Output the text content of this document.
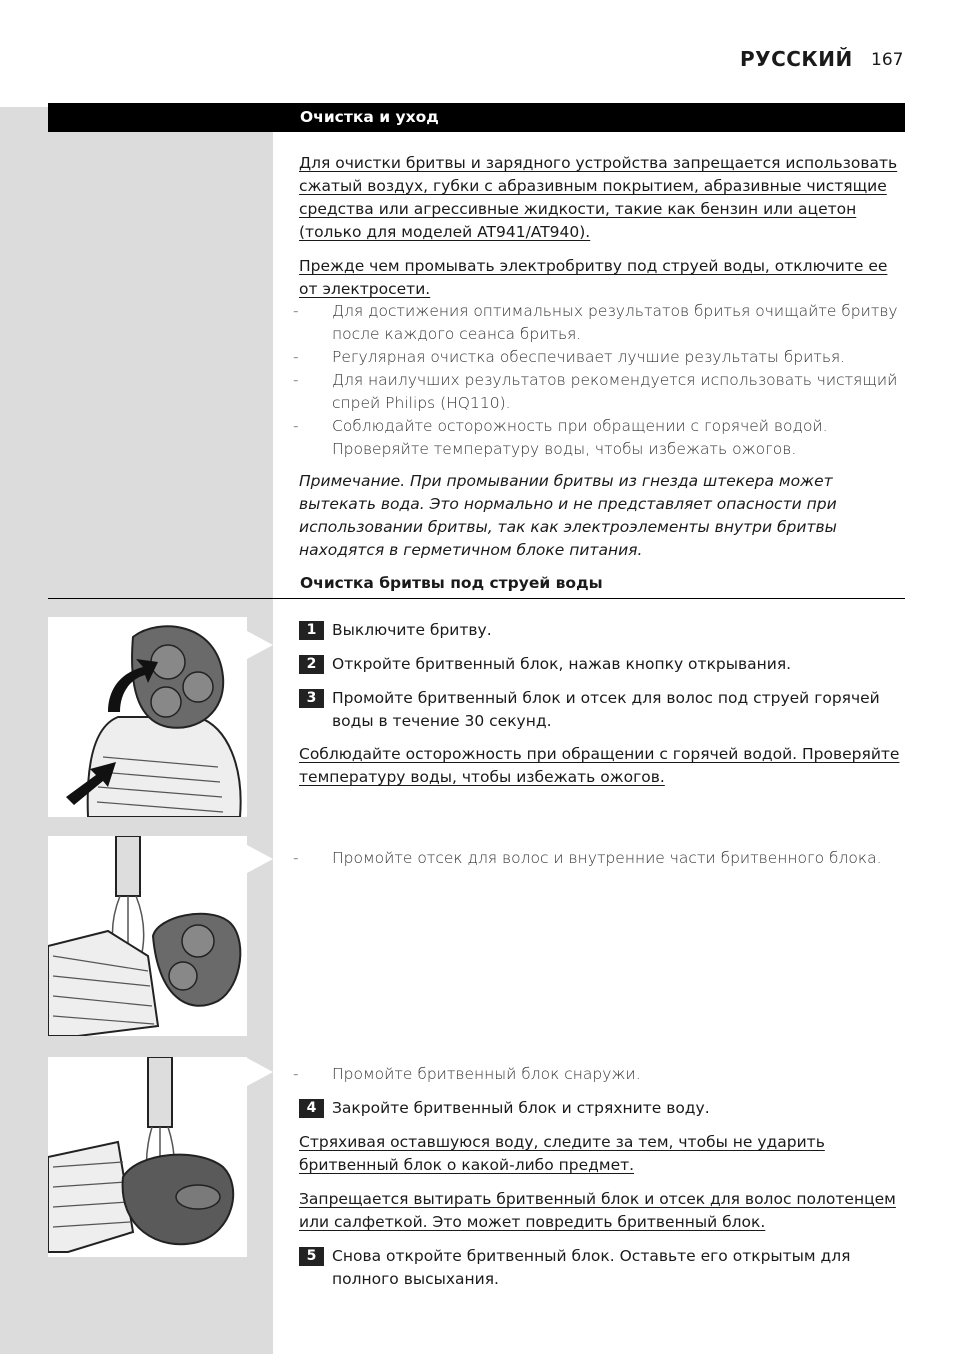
РУССКИЙ 167
Очистка и уход
Для очистки бритвы и зарядного устройства запрещается использовать сжатый воздух, губки с абразивным покрытием, абразивные чистящие средства или агрессивные жидкости, такие как бензин или ацетон (только для моделей AT941/AT940).
Прежде чем промывать электробритву под струей воды, отключите ее от электросети.
- Для достижения оптимальных результатов бритья очищайте бритву после каждого сеанса бритья.
- Регулярная очистка обеспечивает лучшие результаты бритья.
- Для наилучших результатов рекомендуется использовать чистящий спрей Philips (HQ110).
- Соблюдайте осторожность при обращении с горячей водой. Проверяйте температуру воды, чтобы избежать ожогов.
Примечание. При промывании бритвы из гнезда штекера может вытекать вода. Это нормально и не представляет опасности при использовании бритвы, так как электроэлементы внутри бритвы находятся в герметичном блоке питания.
Очистка бритвы под струей воды
1	Выключите бритву.
2	Откройте бритвенный блок, нажав кнопку открывания.
3	Промойте бритвенный блок и отсек для волос под струей горячей воды в течение 30 секунд.
Соблюдайте осторожность при обращении с горячей водой. Проверяйте температуру воды, чтобы избежать ожогов.
- Промойте отсек для волос и внутренние части бритвенного блока.
- Промойте бритвенный блок снаружи.
4	Закройте бритвенный блок и стряхните воду.
Стряхивая оставшуюся воду, следите за тем, чтобы не ударить бритвенный блок о какой-либо предмет.
Запрещается вытирать бритвенный блок и отсек для волос полотенцем или салфеткой. Это может повредить бритвенный блок.
5	Снова откройте бритвенный блок. Оставьте его открытым для полного высыхания.
